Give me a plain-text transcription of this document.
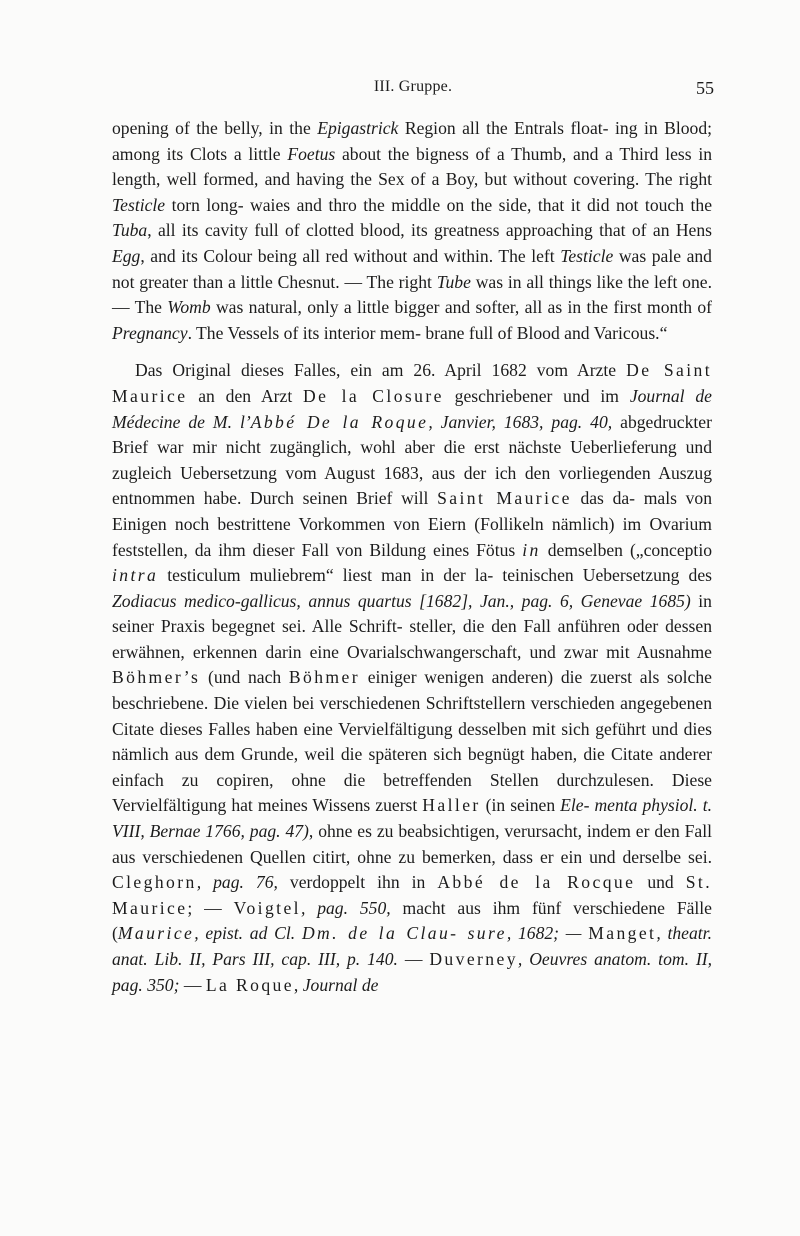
III. Gruppe.	55

opening of the belly, in the Epigastrick Region all the Entrals float- ing in Blood; among its Clots a little Foetus about the bigness of a Thumb, and a Third less in length, well formed, and having the Sex of a Boy, but without covering. The right Testicle torn long- waies and thro the middle on the side, that it did not touch the Tuba, all its cavity full of clotted blood, its greatness approaching that of an Hens Egg, and its Colour being all red without and within. The left Testicle was pale and not greater than a little Chesnut. — The right Tube was in all things like the left one. — The Womb was natural, only a little bigger and softer, all as in the first month of Pregnancy. The Vessels of its interior mem- brane full of Blood and Varicous.“

Das Original dieses Falles, ein am 26. April 1682 vom Arzte De Saint Maurice an den Arzt De la Closure geschriebener und im Journal de Médecine de M. l’Abbé De la Roque, Janvier, 1683, pag. 40, abgedruckter Brief war mir nicht zugänglich, wohl aber die erst nächste Ueberlieferung und zugleich Uebersetzung vom August 1683, aus der ich den vorliegenden Auszug entnommen habe. Durch seinen Brief will Saint Maurice das da- mals von Einigen noch bestrittene Vorkommen von Eiern (Follikeln nämlich) im Ovarium feststellen, da ihm dieser Fall von Bildung eines Fötus in demselben („conceptio intra testiculum muliebrem“ liest man in der la- teinischen Uebersetzung des Zodiacus medico-gallicus, annus quartus [1682], Jan., pag. 6, Genevae 1685) in seiner Praxis begegnet sei. Alle Schrift- steller, die den Fall anführen oder dessen erwähnen, erkennen darin eine Ovarialschwangerschaft, und zwar mit Ausnahme Böhmer’s (und nach Böhmer einiger wenigen anderen) die zuerst als solche beschriebene. Die vielen bei verschiedenen Schriftstellern verschieden angegebenen Citate dieses Falles haben eine Vervielfältigung desselben mit sich geführt und dies nämlich aus dem Grunde, weil die späteren sich begnügt haben, die Citate anderer einfach zu copiren, ohne die betreffenden Stellen durchzulesen. Diese Vervielfältigung hat meines Wissens zuerst Haller (in seinen Ele- menta physiol. t. VIII, Bernae 1766, pag. 47), ohne es zu beabsichtigen, verursacht, indem er den Fall aus verschiedenen Quellen citirt, ohne zu bemerken, dass er ein und derselbe sei. Cleghorn, pag. 76, verdoppelt ihn in Abbé de la Rocque und St. Maurice; — Voigtel, pag. 550, macht aus ihm fünf verschiedene Fälle (Maurice, epist. ad Cl. Dm. de la Clau- sure, 1682; — Manget, theatr. anat. Lib. II, Pars III, cap. III, p. 140. — Duverney, Oeuvres anatom. tom. II, pag. 350; — La Roque, Journal de
